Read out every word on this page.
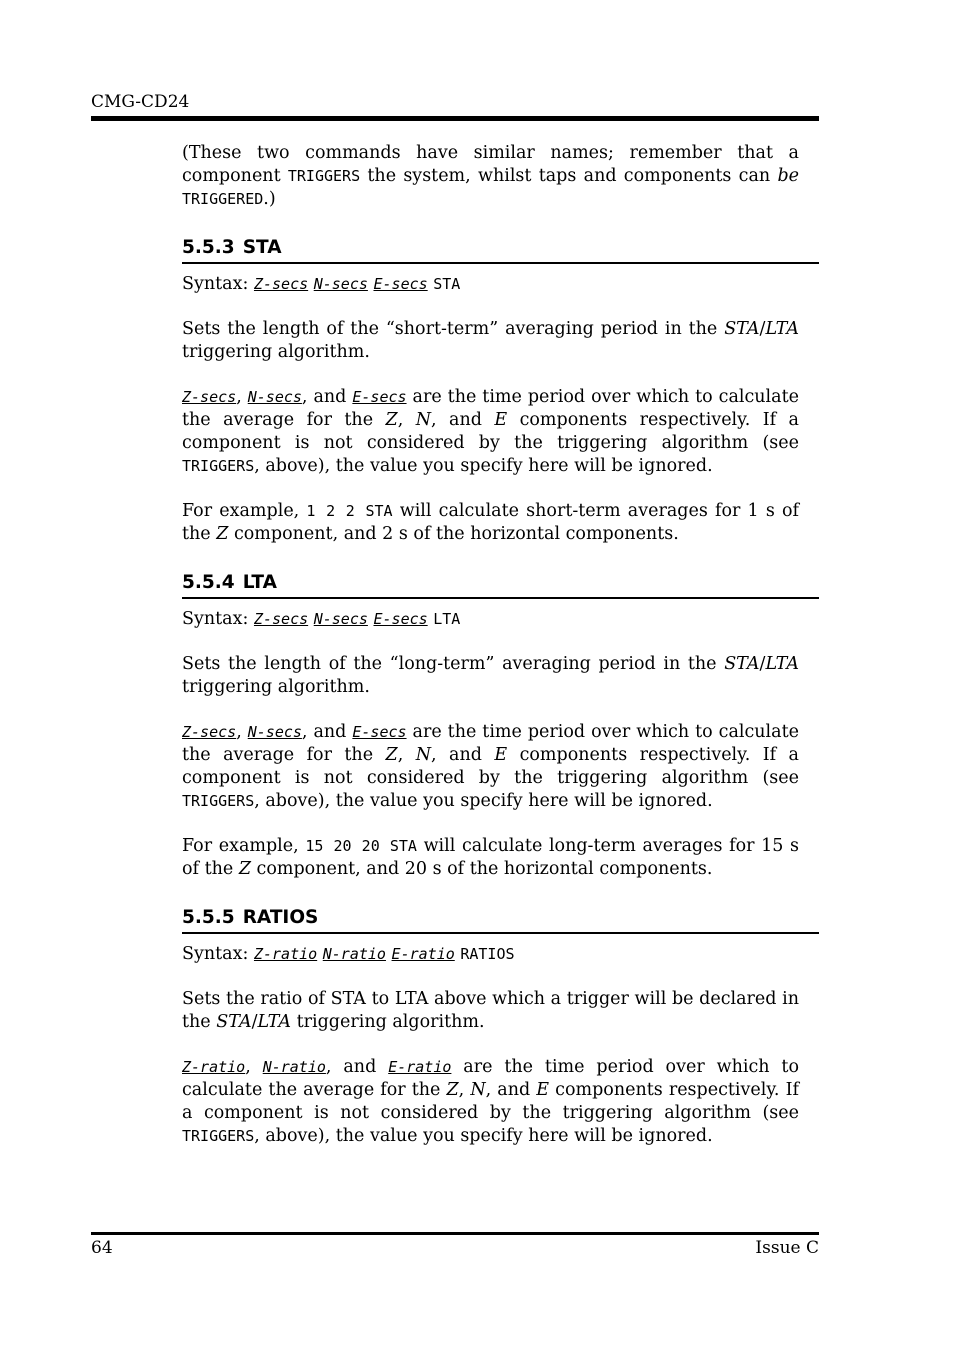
CMG-CD24

(These two commands have similar names; remember that a component TRIGGERS the system, whilst taps and components can be TRIGGERED.)

5.5.3 STA

Syntax: Z-secs N-secs E-secs STA

Sets the length of the “short-term” averaging period in the STA/LTA triggering algorithm.

Z-secs, N-secs, and E-secs are the time period over which to calculate the average for the Z, N, and E components respectively. If a component is not considered by the triggering algorithm (see TRIGGERS, above), the value you specify here will be ignored.

For example, 1 2 2 STA will calculate short-term averages for 1 s of the Z component, and 2 s of the horizontal components.

5.5.4 LTA

Syntax: Z-secs N-secs E-secs LTA

Sets the length of the “long-term” averaging period in the STA/LTA triggering algorithm.

Z-secs, N-secs, and E-secs are the time period over which to calculate the average for the Z, N, and E components respectively. If a component is not considered by the triggering algorithm (see TRIGGERS, above), the value you specify here will be ignored.

For example, 15 20 20 STA will calculate long-term averages for 15 s of the Z component, and 20 s of the horizontal components.

5.5.5 RATIOS

Syntax: Z-ratio N-ratio E-ratio RATIOS

Sets the ratio of STA to LTA above which a trigger will be declared in the STA/LTA triggering algorithm.

Z-ratio, N-ratio, and E-ratio are the time period over which to calculate the average for the Z, N, and E components respectively. If a component is not considered by the triggering algorithm (see TRIGGERS, above), the value you specify here will be ignored.

64	Issue C
